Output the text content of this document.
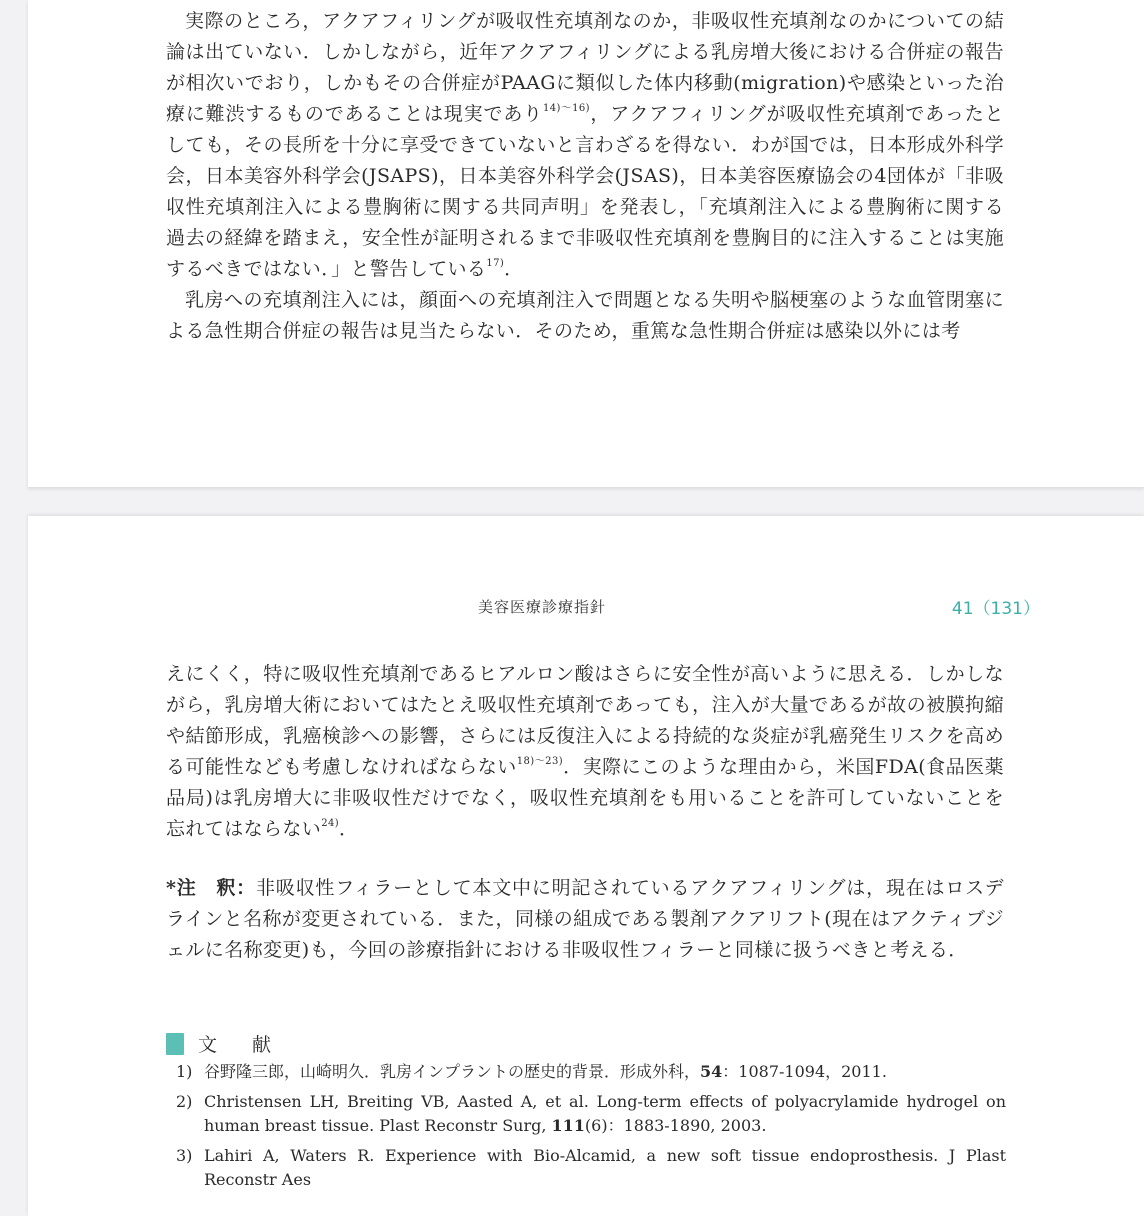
実際のところ，アクアフィリングが吸収性充填剤なのか，非吸収性充填剤なのかについての結論は出ていない．しかしながら，近年アクアフィリングによる乳房増大後における合併症の報告が相次いでおり，しかもその合併症がPAAGに類似した体内移動(migration)や感染といった治療に難渋するものであることは現実であり$^{14)〜16)}$，アクアフィリングが吸収性充填剤であったとしても，その長所を十分に享受できていないと言わざるを得ない．わが国では，日本形成外科学会，日本美容外科学会(JSAPS)，日本美容外科学会(JSAS)，日本美容医療協会の4団体が「非吸収性充填剤注入による豊胸術に関する共同声明」を発表し，「充填剤注入による豊胸術に関する過去の経緯を踏まえ，安全性が証明されるまで非吸収性充填剤を豊胸目的に注入することは実施するべきではない．」と警告している$^{17)}$．

乳房への充填剤注入には，顔面への充填剤注入で問題となる失明や脳梗塞のような血管閉塞による急性期合併症の報告は見当たらない．そのため，重篤な急性期合併症は感染以外には考

美容医療診療指針	41（131）

えにくく，特に吸収性充填剤であるヒアルロン酸はさらに安全性が高いように思える．しかしながら，乳房増大術においてはたとえ吸収性充填剤であっても，注入が大量であるが故の被膜拘縮や結節形成，乳癌検診への影響，さらには反復注入による持続的な炎症が乳癌発生リスクを高める可能性なども考慮しなければならない$^{18)〜23)}$．実際にこのような理由から，米国FDA(食品医薬品局)は乳房増大に非吸収性だけでなく，吸収性充填剤をも用いることを許可していないことを忘れてはならない$^{24)}$．

*注　釈：非吸収性フィラーとして本文中に明記されているアクアフィリングは，現在はロスデラインと名称が変更されている．また，同様の組成である製剤アクアリフト(現在はアクティブジェルに名称変更)も，今回の診療指針における非吸収性フィラーと同様に扱うべきと考える．

文　献
1) 谷野隆三郎，山崎明久．乳房インプラントの歴史的背景．形成外科，54：1087-1094，2011.
2) Christensen LH, Breiting VB, Aasted A, et al. Long-term effects of polyacrylamide hydrogel on human breast tissue. Plast Reconstr Surg, 111(6)：1883-1890, 2003.
3) Lahiri A, Waters R. Experience with Bio-Alcamid, a new soft tissue endoprosthesis. J Plast Reconstr Aes
